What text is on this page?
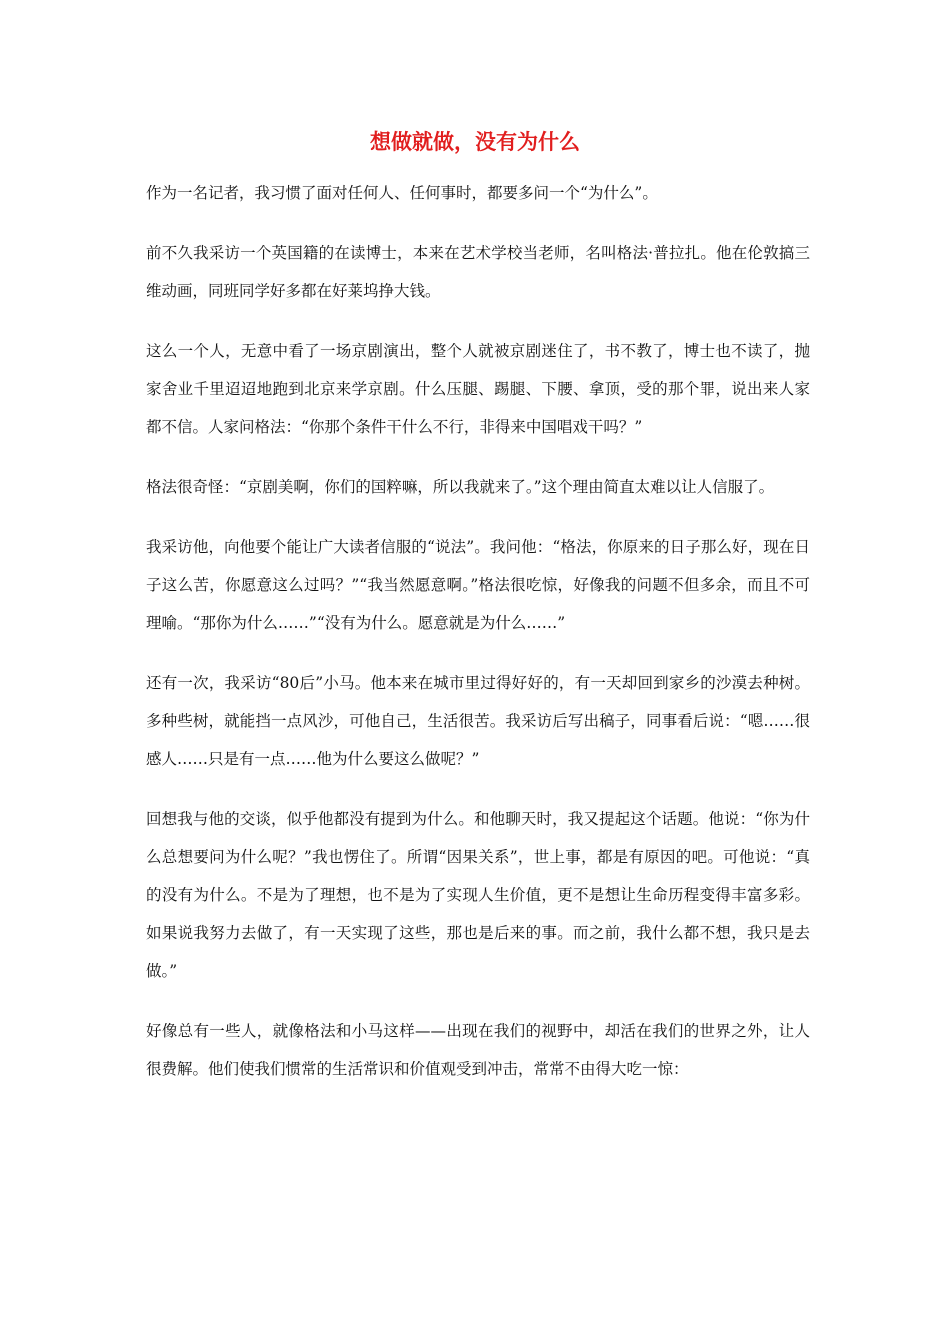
想做就做，没有为什么

作为一名记者，我习惯了面对任何人、任何事时，都要多问一个“为什么”。

前不久我采访一个英国籍的在读博士，本来在艺术学校当老师，名叫格法·普拉扎。他在伦敦搞三维动画，同班同学好多都在好莱坞挣大钱。

这么一个人，无意中看了一场京剧演出，整个人就被京剧迷住了，书不教了，博士也不读了，抛家舍业千里迢迢地跑到北京来学京剧。什么压腿、踢腿、下腰、拿顶，受的那个罪，说出来人家都不信。人家问格法：“你那个条件干什么不行，非得来中国唱戏干吗？”

格法很奇怪：“京剧美啊，你们的国粹嘛，所以我就来了。”这个理由简直太难以让人信服了。

我采访他，向他要个能让广大读者信服的“说法”。我问他：“格法，你原来的日子那么好，现在日子这么苦，你愿意这么过吗？”“我当然愿意啊。”格法很吃惊，好像我的问题不但多余，而且不可理喻。“那你为什么……”“没有为什么。愿意就是为什么……”

还有一次，我采访“80后”小马。他本来在城市里过得好好的，有一天却回到家乡的沙漠去种树。多种些树，就能挡一点风沙，可他自己，生活很苦。我采访后写出稿子，同事看后说：“嗯……很感人……只是有一点……他为什么要这么做呢？”

回想我与他的交谈，似乎他都没有提到为什么。和他聊天时，我又提起这个话题。他说：“你为什么总想要问为什么呢？”我也愣住了。所谓“因果关系”，世上事，都是有原因的吧。可他说：“真的没有为什么。不是为了理想，也不是为了实现人生价值，更不是想让生命历程变得丰富多彩。如果说我努力去做了，有一天实现了这些，那也是后来的事。而之前，我什么都不想，我只是去做。”

好像总有一些人，就像格法和小马这样——出现在我们的视野中，却活在我们的世界之外，让人很费解。他们使我们惯常的生活常识和价值观受到冲击，常常不由得大吃一惊：
